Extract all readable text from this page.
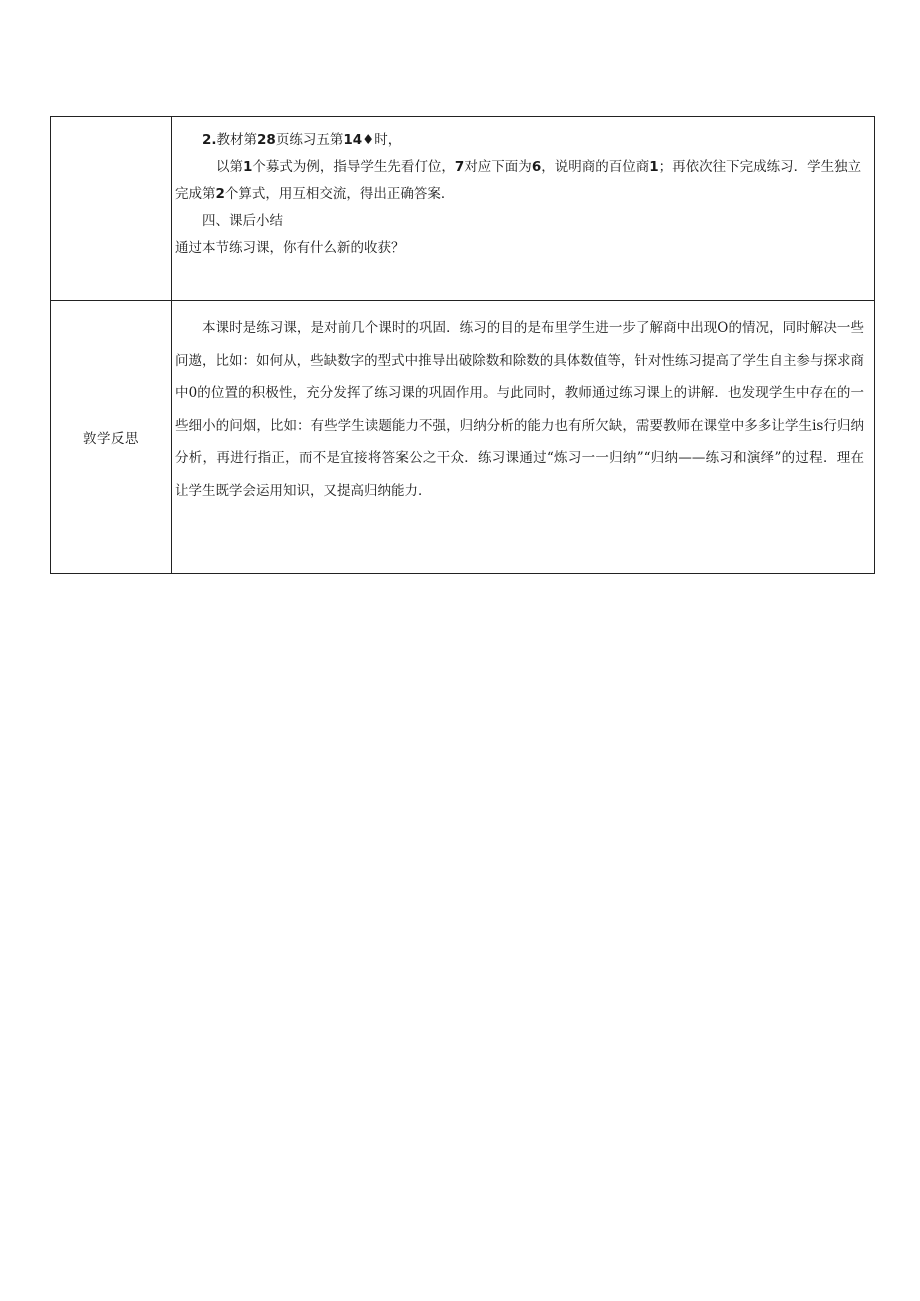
	2.教材第28页练习五第14♦时，

以第1个募式为例，指导学生先看仃位，7对应下面为6，说明商的百位商1；再依次往下完成练习．学生独立完成第2个算式，用互相交流，得出正确答案．

四、课后小结

通过本节练习课，你有什么新的收获？

敦学反思	本课时是练习课，是对前几个课时的巩固．练习的目的是布里学生进一步了解商中出现O的情况，同时解决一些问遨，比如：如何从，些缺数字的型式中推导出破除数和除数的具体数值等，针对性练习提高了学生自主参与探求商中0的位置的积极性，充分发挥了练习课的巩固作用。与此同时，教师通过练习课上的讲解．也发现学生中存在的一些细小的问烟，比如：有些学生读题能力不强，归纳分析的能力也有所欠缺，需要教师在课堂中多多让学生is行归纳分析，再进行指正，而不是宜接将答案公之干众．练习课通过“炼习一一归纳”“归纳——练习和演绎”的过程．理在让学生既学会运用知识，又提高归纳能力．
